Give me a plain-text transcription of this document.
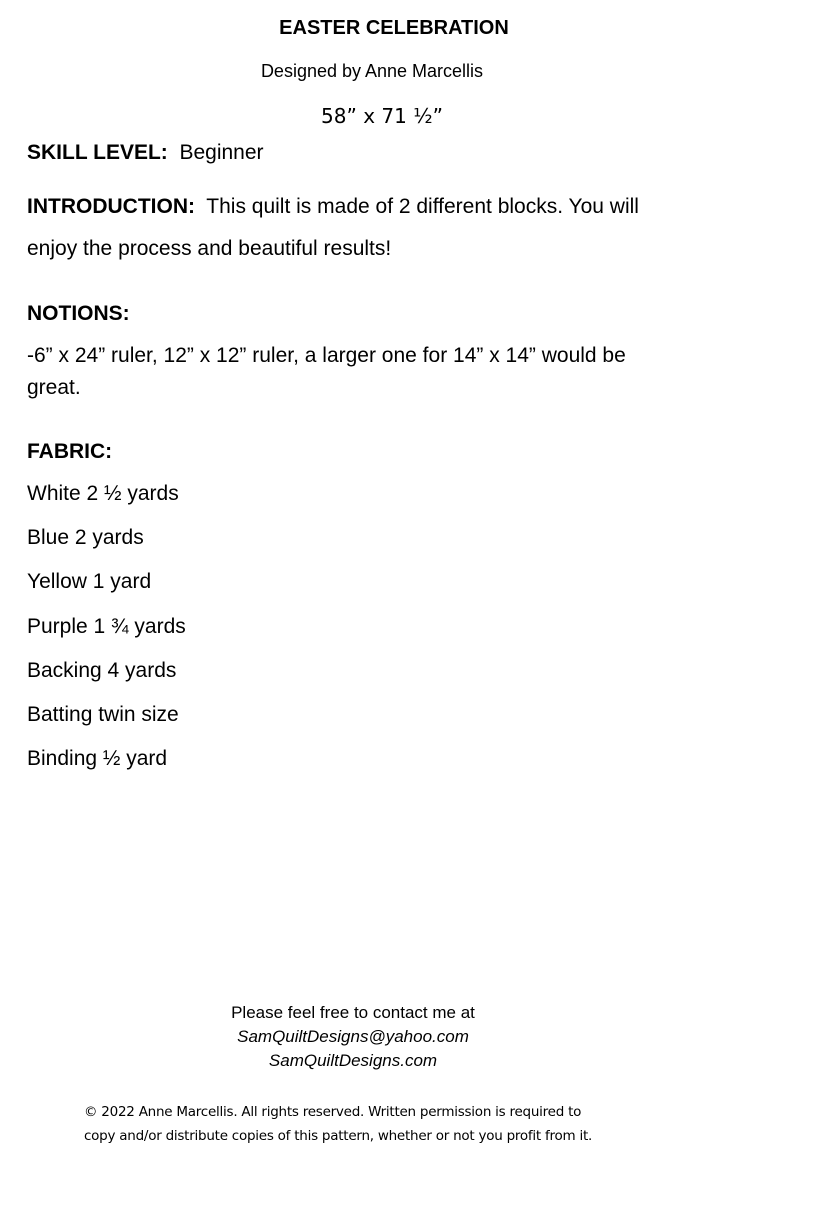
EASTER CELEBRATION
Designed by Anne Marcellis
58” x 71 ½”
SKILL LEVEL: Beginner
INTRODUCTION: This quilt is made of 2 different blocks. You will
enjoy the process and beautiful results!
NOTIONS:
-6” x 24” ruler, 12” x 12” ruler, a larger one for 14” x 14” would be
great.
FABRIC:
White 2 ½ yards
Blue 2 yards
Yellow 1 yard
Purple 1 ¾ yards
Backing 4 yards
Batting twin size
Binding ½ yard
Please feel free to contact me at
SamQuiltDesigns@yahoo.com
SamQuiltDesigns.com
© 2022 Anne Marcellis. All rights reserved. Written permission is required to
copy and/or distribute copies of this pattern, whether or not you profit from it.
